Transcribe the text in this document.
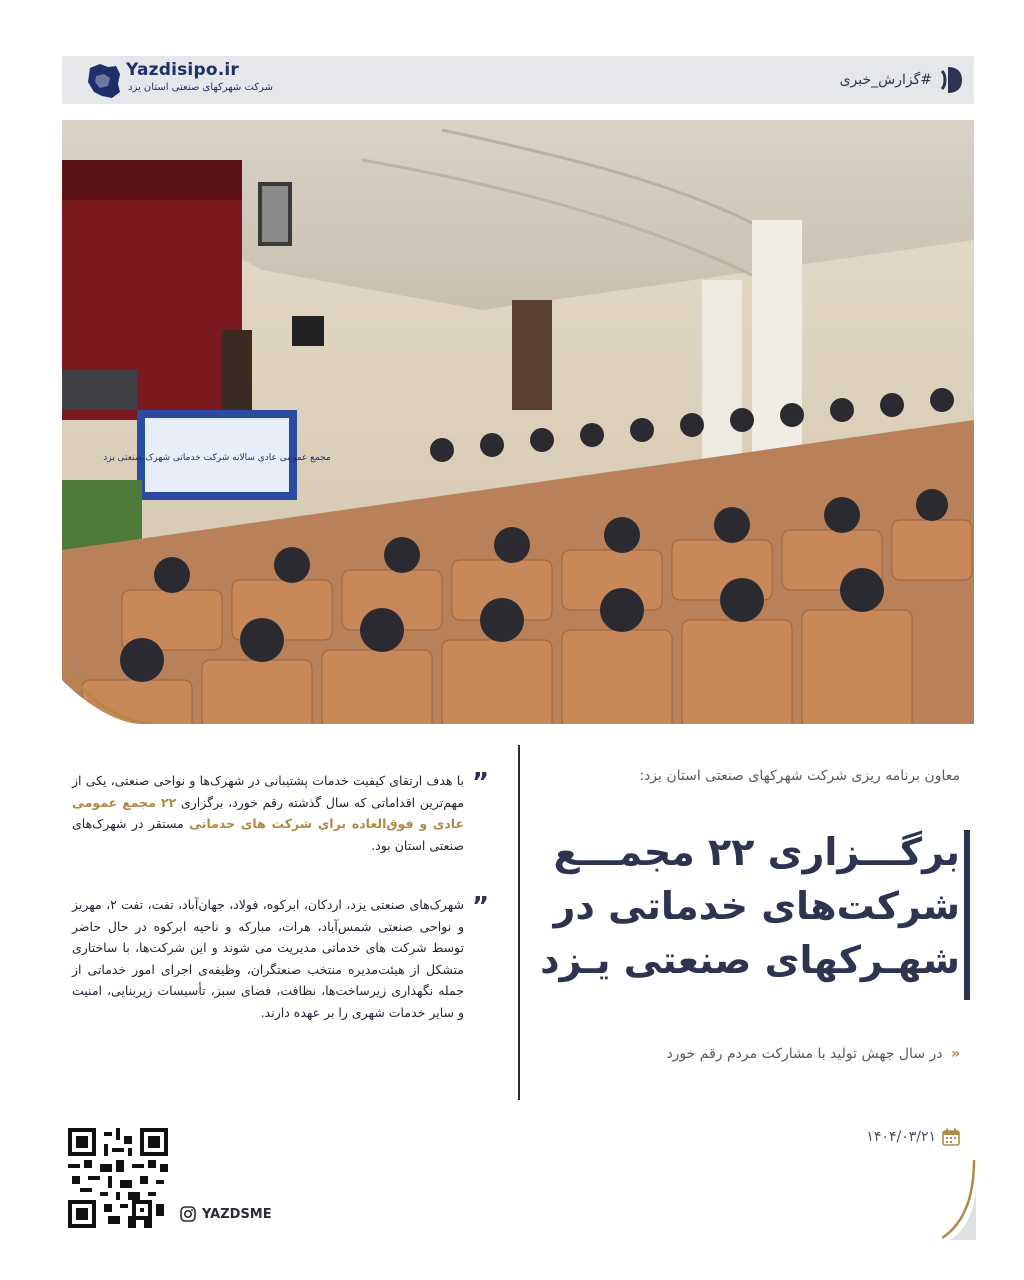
Yazdisipo.ir
شرکت شهرکهای صنعتی استان یزد	#گزارش_خبری
مجمع عمومی عادی سالانه شرکت خدماتی شهرک صنعتی یزد
معاون برنامه ریزی شرکت شهرکهای صنعتی استان یزد:
برگـــزاری ۲۲ مجمـــع شرکت‌های خدماتی در شهـرکهای صنعتی یـزد
« در سال جهش تولید با مشارکت مردم رقم خورد
۱۴۰۴/۰۳/۲۱
”
با هدف ارتقای کیفیت خدمات پشتیبانی در شهرک‌ها و نواحی صنعتی، یکی از مهم‌ترین اقداماتی که سال گذشته رقم خورد، برگزاری ۲۲ مجمع عمومی عادی و فوق‌العاده برای شرکت های خدماتی مستقر در شهرک‌های صنعتی استان بود.
”
شهرک‌های صنعتی یزد، اردکان، ابرکوه، فولاد، جهان‌آباد، تفت، تفت ۲، مهریز و نواحی صنعتی شمس‌آباد، هرات، مبارکه و ناحیه ابرکوه در حال حاضر توسط شرکت های خدماتی مدیریت می شوند و این شرکت‌ها، با ساختاری متشکل از هیئت‌مدیره منتخب صنعتگران، وظیفه‌ی اجرای امور خدماتی از جمله نگهداری زیرساخت‌ها، نظافت، فضای سبز، تأسیسات زیربنایی، امنیت و سایر خدمات شهری را بر عهده دارند.
YAZDSME
